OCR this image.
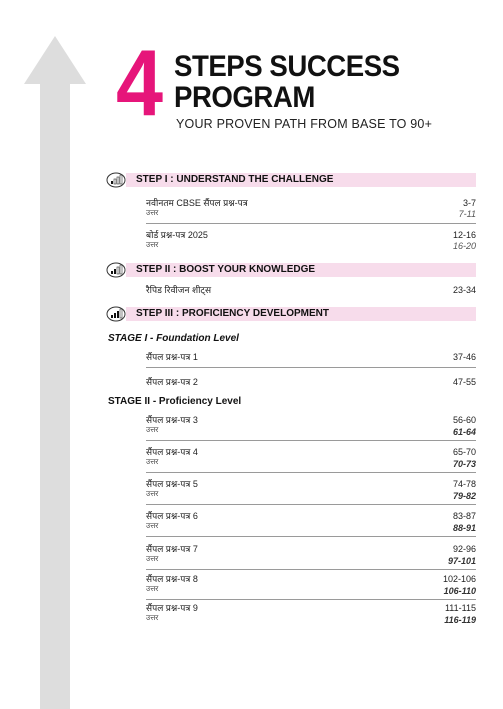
4 STEPS SUCCESS
PROGRAM
YOUR PROVEN PATH FROM BASE TO 90+
STEP I : UNDERSTAND THE CHALLENGE
नवीनतम CBSE सैंपल प्रश्न-पत्र	3-7
उत्तर	7-11
बोर्ड प्रश्न-पत्र 2025	12-16
उत्तर	16-20
STEP II : BOOST YOUR KNOWLEDGE
रैपिड रिवीजन शीट्स	23-34
STEP III : PROFICIENCY DEVELOPMENT
STAGE I - Foundation Level
सैंपल प्रश्न-पत्र 1	37-46
सैंपल प्रश्न-पत्र 2	47-55
STAGE II - Proficiency Level
सैंपल प्रश्न-पत्र 3	56-60
उत्तर	61-64
सैंपल प्रश्न-पत्र 4	65-70
उत्तर	70-73
सैंपल प्रश्न-पत्र 5	74-78
उत्तर	79-82
सैंपल प्रश्न-पत्र 6	83-87
उत्तर	88-91
सैंपल प्रश्न-पत्र 7	92-96
उत्तर	97-101
सैंपल प्रश्न-पत्र 8	102-106
उत्तर	106-110
सैंपल प्रश्न-पत्र 9	111-115
उत्तर	116-119
